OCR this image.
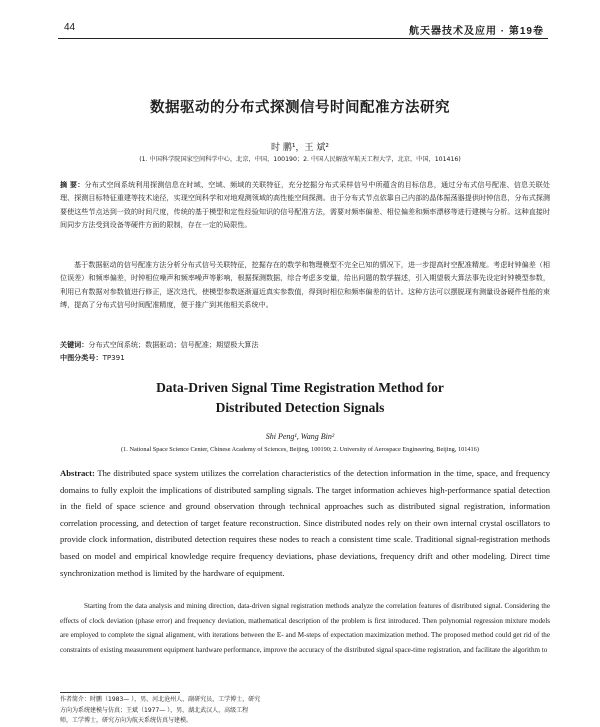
44	航天器技术及应用 · 第19卷
数据驱动的分布式探测信号时间配准方法研究
时 鹏¹，王 斌²
(1. 中国科学院国家空间科学中心，北京，中国，100190；2. 中国人民解放军航天工程大学，北京，中国，101416)
摘 要：分布式空间系统利用探测信息在时域、空域、频域的关联特征，充分挖掘分布式采样信号中所蕴含的目标信息，通过分布式信号配准、信息关联处理、探测目标特征重建等技术途径，实现空间科学和对地观测领域的高性能空间探测。由于分布式节点依靠自己内部的晶体振荡器提供时钟信息，分布式探测要使这些节点达到一致的时间尺度，传统的基于模型和定性经验知识的信号配准方法，需要对频率偏差、相位偏差和频率漂移等进行建模与分析。这种直接时间同步方法受到设备等硬件方面的限制，存在一定的局限性。
基于数据驱动的信号配准方法分析分布式信号关联特征，挖掘存在的数学和物理模型不完全已知的情况下，进一步提高时空配准精度。考虑时钟偏差（相位误差）和频率偏差，时钟相位噪声和频率噪声等影响，根据探测数据，综合考虑多变量，给出问题的数学描述，引入期望极大算法事先设定时钟模型参数，利用已有数据对参数值进行修正，逐次迭代，使模型参数逐渐逼近真实参数值，得到时相位和频率偏差的估计。这种方法可以摆脱现有测量设备硬件性能的束缚，提高了分布式信号时间配准精度，便于推广到其他相关系统中。
关键词：分布式空间系统；数据驱动；信号配准；期望极大算法
中图分类号：TP391
Data-Driven Signal Time Registration Method for
Distributed Detection Signals
Shi Peng¹, Wang Bin²
(1. National Space Science Center, Chinese Academy of Sciences, Beijing, 100190; 2. University of Aerospace Engineering, Beijing, 101416)
Abstract: The distributed space system utilizes the correlation characteristics of the detection information in the time, space, and frequency domains to fully exploit the implications of distributed sampling signals. The target information achieves high-performance spatial detection in the field of space science and ground observation through technical approaches such as distributed signal registration, information correlation processing, and detection of target feature reconstruction. Since distributed nodes rely on their own internal crystal oscillators to provide clock information, distributed detection requires these nodes to reach a consistent time scale. Traditional signal-registration methods based on model and empirical knowledge require frequency deviations, phase deviations, frequency drift and other modeling. Direct time synchronization method is limited by the hardware of equipment.
Starting from the data analysis and mining direction, data-driven signal registration methods analyze the correlation features of distributed signal. Considering the effects of clock deviation (phase error) and frequency deviation, mathematical description of the problem is first introduced. Then polynomial regression mixture models are employed to complete the signal alignment, with iterations between the E- and M-steps of expectation maximization method. The proposed method could get rid of the constraints of existing measurement equipment hardware performance, improve the accuracy of the distributed signal space-time registration, and facilitate the algorithm to
作者简介：时鹏（1983— ），男，河北沧州人，副研究员，工学博士，研究
方向为系统建模与仿真；王斌（1977— ），男，湖北武汉人，高级工程
师，工学博士，研究方向为航天系统仿真与建模。
